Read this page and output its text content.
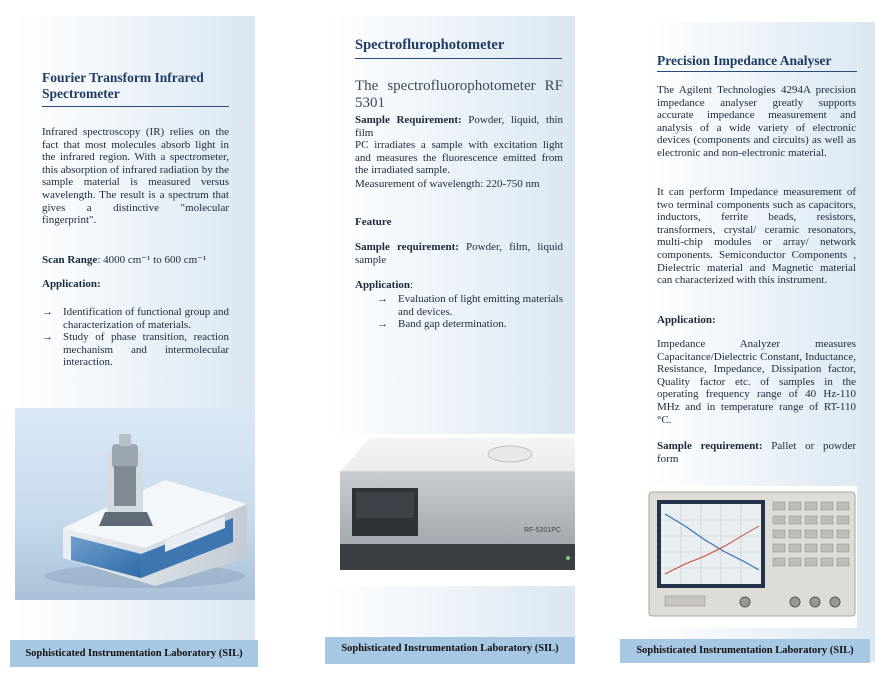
Fourier Transform Infrared Spectrometer
Infrared spectroscopy (IR) relies on the fact that most molecules absorb light in the infrared region. With a spectrometer, this absorption of infrared radiation by the sample material is measured versus wavelength. The result is a spectrum that gives a distinctive "molecular fingerprint".
Scan Range: 4000 cm⁻¹ to 600 cm⁻¹
Application:
→ Identification of functional group and characterization of materials.
→ Study of phase transition, reaction mechanism and intermolecular interaction.
Sophisticated Instrumentation Laboratory (SIL)
Spectroflurophotometer
The spectrofluorophotometer RF 5301
Sample Requirement: Powder, liquid, thin film
PC irradiates a sample with excitation light and measures the fluorescence emitted from the irradiated sample.
Measurement of wavelength: 220-750 nm
Feature
Sample requirement: Powder, film, liquid sample
Application:
→ Evaluation of light emitting materials and devices.
→ Band gap determination.
RF-5301PC
Sophisticated Instrumentation Laboratory (SIL)
Precision Impedance Analyser
The Agilent Technologies 4294A precision impedance analyser greatly supports accurate impedance measurement and analysis of a wide variety of electronic devices (components and circuits) as well as electronic and non-electronic material.
It can perform Impedance measurement of two terminal components such as capacitors, inductors, ferrite beads, resistors, transformers, crystal/ ceramic resonators, multi-chip modules or array/ network components. Semiconductor Components , Dielectric material and Magnetic material can characterized with this instrument.
Application:
Impedance Analyzer measures Capacitance/Dielectric Constant, Inductance, Resistance, Impedance, Dissipation factor, Quality factor etc. of samples in the operating frequency range of 40 Hz-110 MHz and in temperature range of RT-110 °C.
Sample requirement: Pallet or powder form
Sophisticated Instrumentation Laboratory (SIL)
